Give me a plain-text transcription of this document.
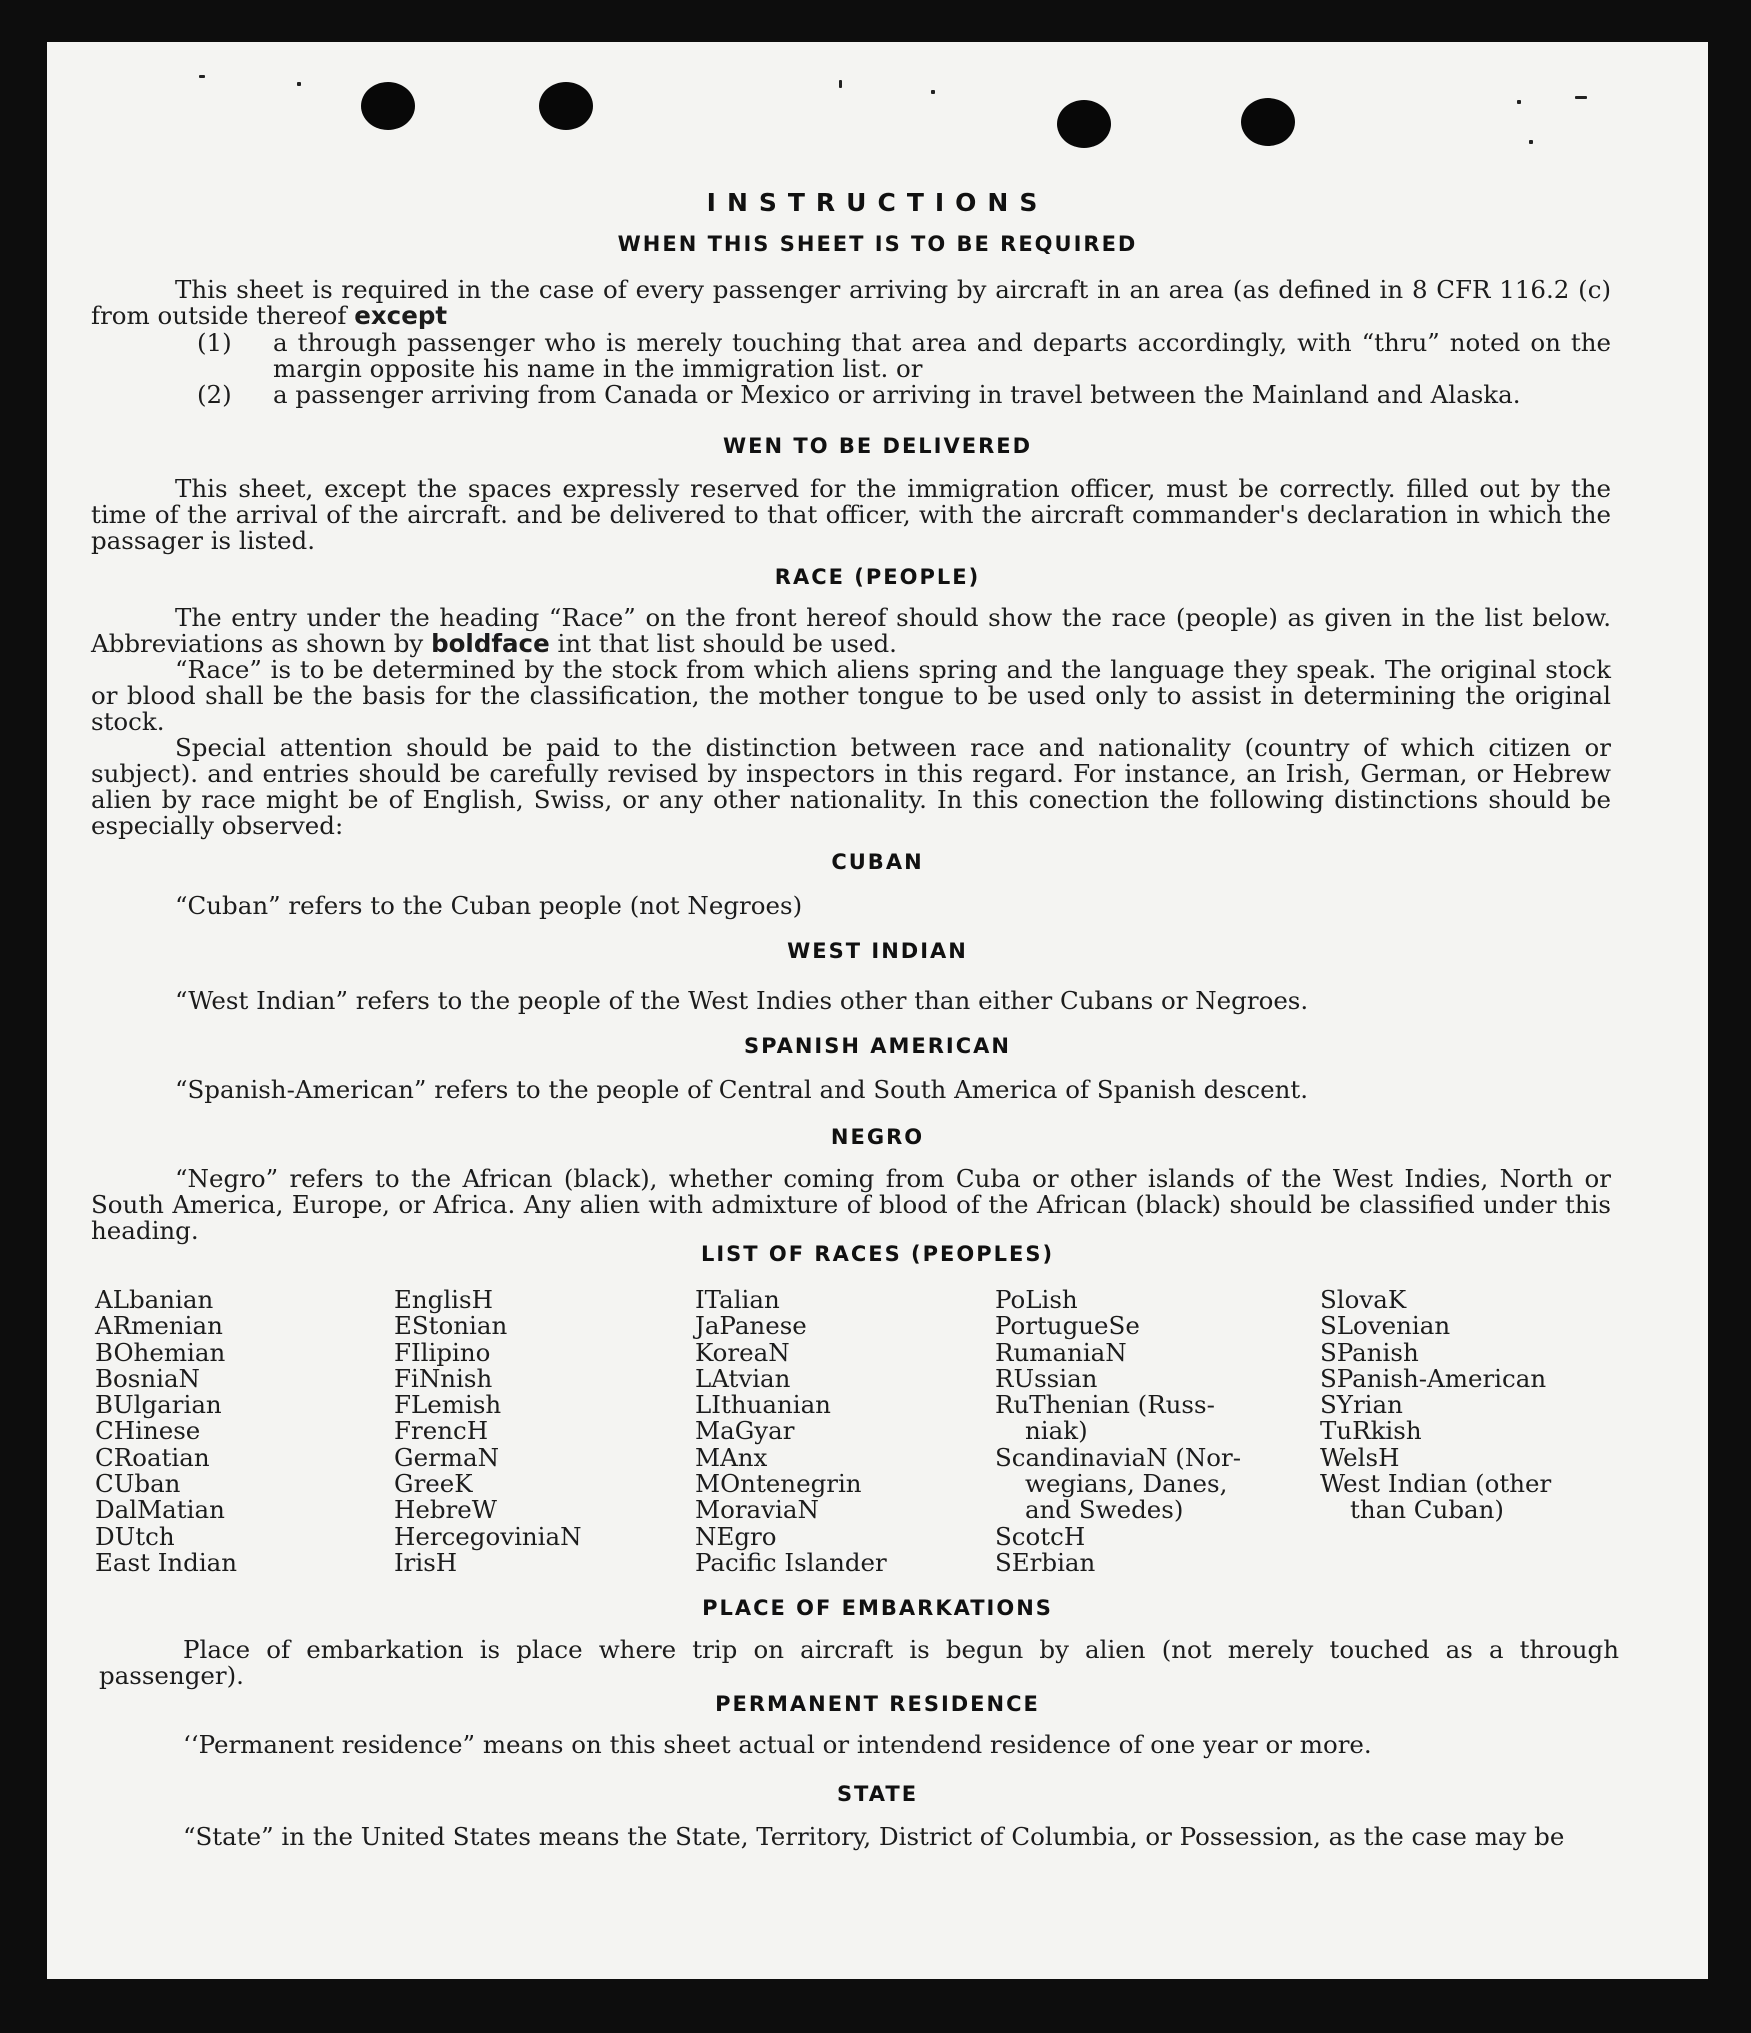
INSTRUCTIONS
WHEN THIS SHEET IS TO BE REQUIRED

This sheet is required in the case of every passenger arriving by aircraft in an area (as defined in 8 CFR 116.2 (c) from outside thereof except

(1) a through passenger who is merely touching that area and departs accordingly, with “thru” noted on the margin opposite his name in the immigration list. or
(2) a passenger arriving from Canada or Mexico or arriving in travel between the Mainland and Alaska.
WEN TO BE DELIVERED

This sheet, except the spaces expressly reserved for the immigration officer, must be correctly. filled out by the time of the arrival of the aircraft. and be delivered to that officer, with the aircraft commander's declaration in which the passager is listed.

RACE (PEOPLE)

The entry under the heading “Race” on the front hereof should show the race (people) as given in the list below. Abbreviations as shown by boldface int that list should be used.

“Race” is to be determined by the stock from which aliens spring and the language they speak. The original stock or blood shall be the basis for the classification, the mother tongue to be used only to assist in determining the original stock.

Special attention should be paid to the distinction between race and nationality (country of which citizen or subject). and entries should be carefully revised by inspectors in this regard. For instance, an Irish, German, or Hebrew alien by race might be of English, Swiss, or any other nationality. In this conection the following distinctions should be especially observed:

CUBAN

“Cuban” refers to the Cuban people (not Negroes)

WEST INDIAN

“West Indian” refers to the people of the West Indies other than either Cubans or Negroes.

SPANISH AMERICAN

“Spanish-American” refers to the people of Central and South America of Spanish descent.

NEGRO

“Negro” refers to the African (black), whether coming from Cuba or other islands of the West Indies, North or South America, Europe, or Africa. Any alien with admixture of blood of the African (black) should be classified under this heading.

LIST OF RACES (PEOPLES)
ALbanian
ARmenian
BOhemian
BosniaN
BUlgarian
CHinese
CRoatian
CUban
DalMatian
DUtch
East Indian
EnglisH
EStonian
FIlipino
FiNnish
FLemish
FrencH
GermaN
GreeK
HebreW
HercegoviniaN
IrisH
ITalian
JaPanese
KoreaN
LAtvian
LIthuanian
MaGyar
MAnx
MOntenegrin
MoraviaN
NEgro
Pacific Islander
PoLish
PortugueSe
RumaniaN
RUssian
RuThenian (Russ-
niak)
ScandinaviaN (Nor-
wegians, Danes,
and Swedes)
ScotcH
SErbian
SlovaK
SLovenian
SPanish
SPanish-American
SYrian
TuRkish
WelsH
West Indian (other
than Cuban)
PLACE OF EMBARKATIONS

Place of embarkation is place where trip on aircraft is begun by alien (not merely touched as a through passenger).

PERMANENT RESIDENCE

‘‘Permanent residence” means on this sheet actual or intendend residence of one year or more.

STATE

“State” in the United States means the State, Territory, District of Columbia, or Possession, as the case may be
